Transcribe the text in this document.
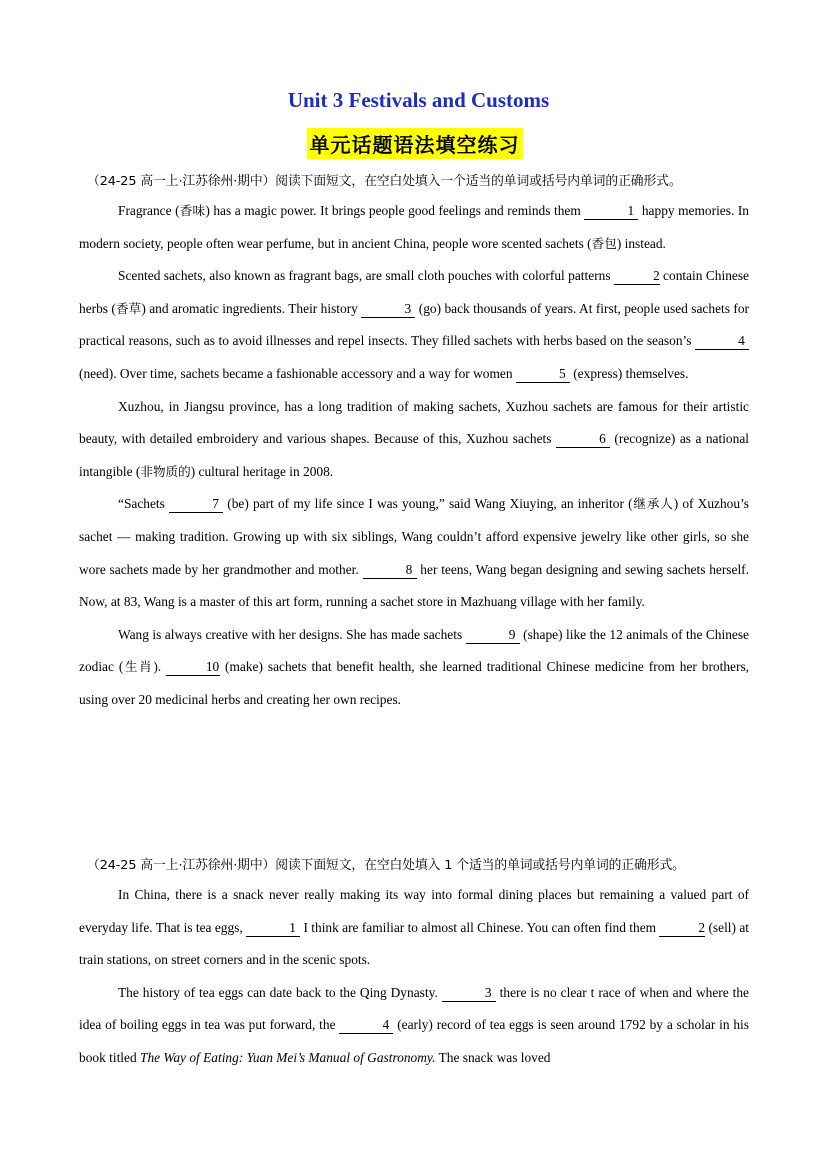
Unit 3 Festivals and Customs
单元话题语法填空练习
（24-25 高一上·江苏徐州·期中）阅读下面短文，在空白处填入一个适当的单词或括号内单词的正确形式。

Fragrance (香味) has a magic power. It brings people good feelings and reminds them	1 happy memories. In modern society, people often wear perfume, but in ancient China, people wore scented sachets (香包) instead.

Scented sachets, also known as fragrant bags, are small cloth pouches with colorful patterns	2 contain Chinese herbs (香草) and aromatic ingredients. Their history	3 (go) back thousands of years. At first, people used sachets for practical reasons, such as to avoid illnesses and repel insects. They filled sachets with herbs based on the season’s	4 (need). Over time, sachets became a fashionable accessory and a way for women	5 (express) themselves.

Xuzhou, in Jiangsu province, has a long tradition of making sachets, Xuzhou sachets are famous for their artistic beauty, with detailed embroidery and various shapes. Because of this, Xuzhou sachets	6 (recognize) as a national intangible (非物质的) cultural heritage in 2008.

“Sachets	7 (be) part of my life since I was young,” said Wang Xiuying, an inheritor (继承人) of Xuzhou’s sachet — making tradition. Growing up with six siblings, Wang couldn’t afford expensive jewelry like other girls, so she wore sachets made by her grandmother and mother.	8 her teens, Wang began designing and sewing sachets herself. Now, at 83, Wang is a master of this art form, running a sachet store in Mazhuang village with her family.

Wang is always creative with her designs. She has made sachets	9 (shape) like the 12 animals of the Chinese zodiac (生肖).	10 (make) sachets that benefit health, she learned traditional Chinese medicine from her brothers, using over 20 medicinal herbs and creating her own recipes.

（24-25 高一上·江苏徐州·期中）阅读下面短文，在空白处填入 1 个适当的单词或括号内单词的正确形式。

In China, there is a snack never really making its way into formal dining places but remaining a valued part of everyday life. That is tea eggs,	1 I think are familiar to almost all Chinese. You can often find them	2 (sell) at train stations, on street corners and in the scenic spots.

The history of tea eggs can date back to the Qing Dynasty.	3 there is no clear t race of when and where the idea of boiling eggs in tea was put forward, the	4 (early) record of tea eggs is seen around 1792 by a scholar in his book titled The Way of Eating: Yuan Mei’s Manual of Gastronomy. The snack was loved
